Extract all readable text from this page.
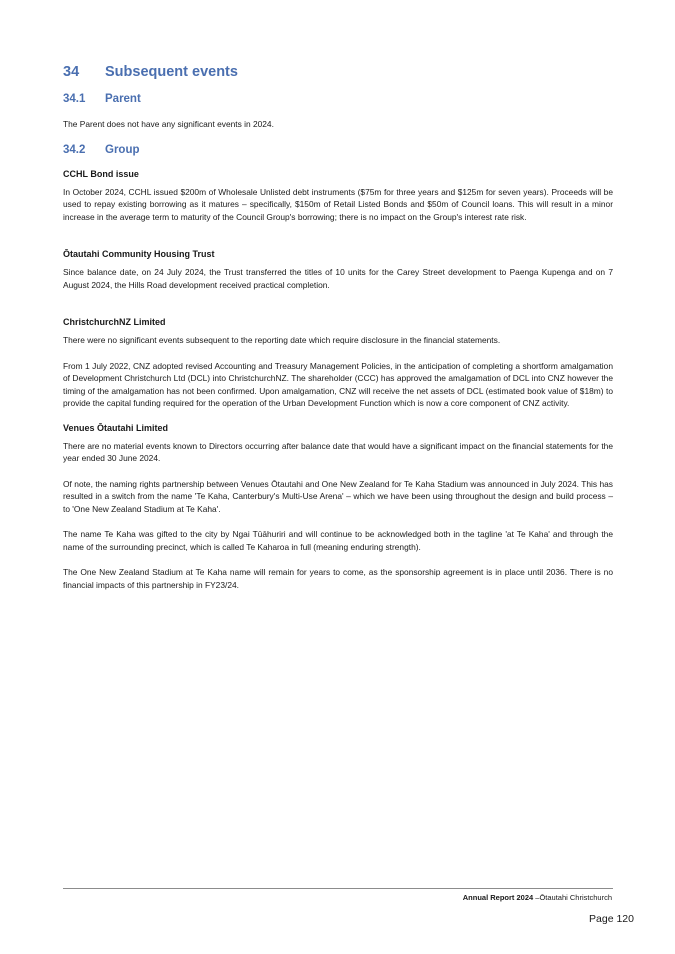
34	Subsequent events
34.1	Parent

The Parent does not have any significant events in 2024.

34.2	Group
CCHL Bond issue

In October 2024, CCHL issued $200m of Wholesale Unlisted debt instruments ($75m for three years and $125m for seven years). Proceeds will be used to repay existing borrowing as it matures – specifically, $150m of Retail Listed Bonds and $50m of Council loans. This will result in a minor increase in the average term to maturity of the Council Group's borrowing; there is no impact on the Group's interest rate risk.

Ōtautahi Community Housing Trust

Since balance date, on 24 July 2024, the Trust transferred the titles of 10 units for the Carey Street development to Paenga Kupenga and on 7 August 2024, the Hills Road development received practical completion.

ChristchurchNZ Limited

There were no significant events subsequent to the reporting date which require disclosure in the financial statements.

From 1 July 2022, CNZ adopted revised Accounting and Treasury Management Policies, in the anticipation of completing a shortform amalgamation of Development Christchurch Ltd (DCL) into ChristchurchNZ. The shareholder (CCC) has approved the amalgamation of DCL into CNZ however the timing of the amalgamation has not been confirmed. Upon amalgamation, CNZ will receive the net assets of DCL (estimated book value of $18m) to provide the capital funding required for the operation of the Urban Development Function which is now a core component of CNZ activity.

Venues Ōtautahi Limited

There are no material events known to Directors occurring after balance date that would have a significant impact on the financial statements for the year ended 30 June 2024.

Of note, the naming rights partnership between Venues Ōtautahi and One New Zealand for Te Kaha Stadium was announced in July 2024. This has resulted in a switch from the name 'Te Kaha, Canterbury's Multi-Use Arena' – which we have been using throughout the design and build process – to 'One New Zealand Stadium at Te Kaha'.

The name Te Kaha was gifted to the city by Ngai Tūāhuriri and will continue to be acknowledged both in the tagline 'at Te Kaha' and through the name of the surrounding precinct, which is called Te Kaharoa in full (meaning enduring strength).

The One New Zealand Stadium at Te Kaha name will remain for years to come, as the sponsorship agreement is in place until 2036. There is no financial impacts of this partnership in FY23/24.

Annual Report 2024 –Ōtautahi Christchurch
Page 120
